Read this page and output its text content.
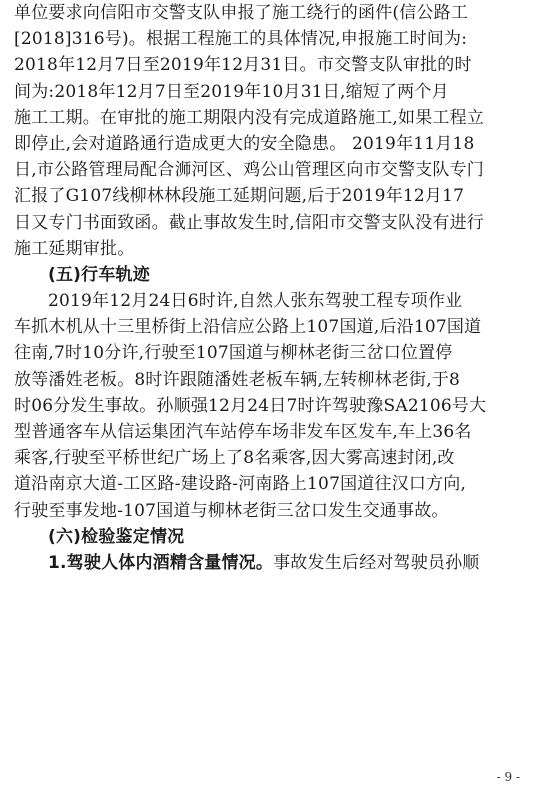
单位要求向信阳市交警支队申报了施工绕行的函件(信公路工
[2018]316号)。根据工程施工的具体情况,申报施工时间为:
2018年12月7日至2019年12月31日。市交警支队审批的时
间为:2018年12月7日至2019年10月31日,缩短了两个月
施工工期。在审批的施工期限内没有完成道路施工,如果工程立
即停止,会对道路通行造成更大的安全隐患。 2019年11月18
日,市公路管理局配合浉河区、鸡公山管理区向市交警支队专门
汇报了G107线柳林林段施工延期问题,后于2019年12月17
日又专门书面致函。截止事故发生时,信阳市交警支队没有进行
施工延期审批。
(五)行车轨迹
2019年12月24日6时许,自然人张东驾驶工程专项作业
车抓木机从十三里桥街上沿信应公路上107国道,后沿107国道
往南,7时10分许,行驶至107国道与柳林老街三岔口位置停
放等潘姓老板。8时许跟随潘姓老板车辆,左转柳林老街,于8
时06分发生事故。孙顺强12月24日7时许驾驶豫SA2106号大
型普通客车从信运集团汽车站停车场非发车区发车,车上36名
乘客,行驶至平桥世纪广场上了8名乘客,因大雾高速封闭,改
道沿南京大道-工区路-建设路-河南路上107国道往汉口方向,
行驶至事发地-107国道与柳林老街三岔口发生交通事故。
(六)检验鉴定情况
1.驾驶人体内酒精含量情况。事故发生后经对驾驶员孙顺
- 9 -
